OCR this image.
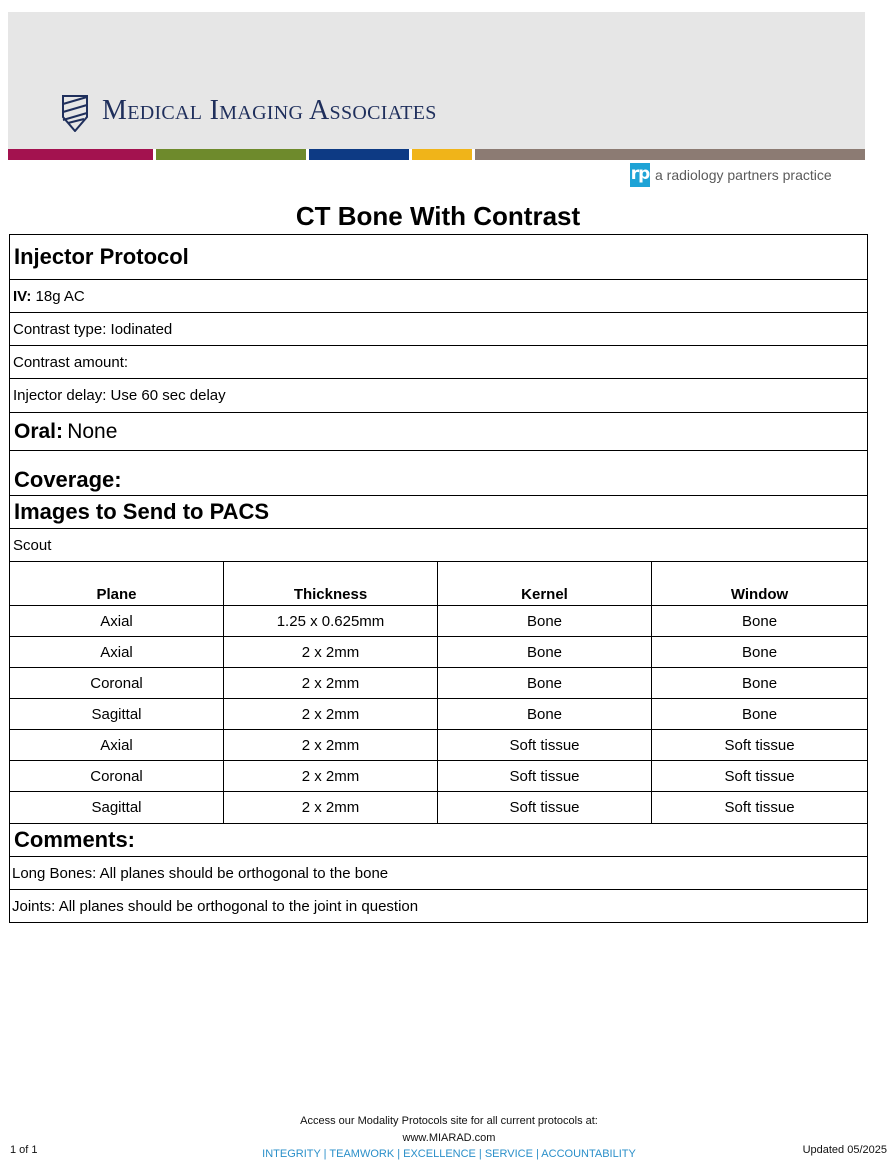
Medical Imaging Associates
rp a radiology partners practice
CT Bone With Contrast
Injector Protocol			
IV: 18g AC			
Contrast type: Iodinated			
Contrast amount:			
Injector delay: Use 60 sec delay			
Oral: None			
Coverage:			
Images to Send to PACS			
Scout			
Plane	Thickness	Kernel	Window
Axial	1.25 x 0.625mm	Bone	Bone
Axial	2 x 2mm	Bone	Bone
Coronal	2 x 2mm	Bone	Bone
Sagittal	2 x 2mm	Bone	Bone
Axial	2 x 2mm	Soft tissue	Soft tissue
Coronal	2 x 2mm	Soft tissue	Soft tissue
Sagittal	2 x 2mm	Soft tissue	Soft tissue
Comments:			
Long Bones: All planes should be orthogonal to the bone			
Joints: All planes should be orthogonal to the joint in question			
Access our Modality Protocols site for all current protocols at:
www.MIARAD.com
INTEGRITY | TEAMWORK | EXCELLENCE | SERVICE | ACCOUNTABILITY
1 of 1	Updated 05/2025
